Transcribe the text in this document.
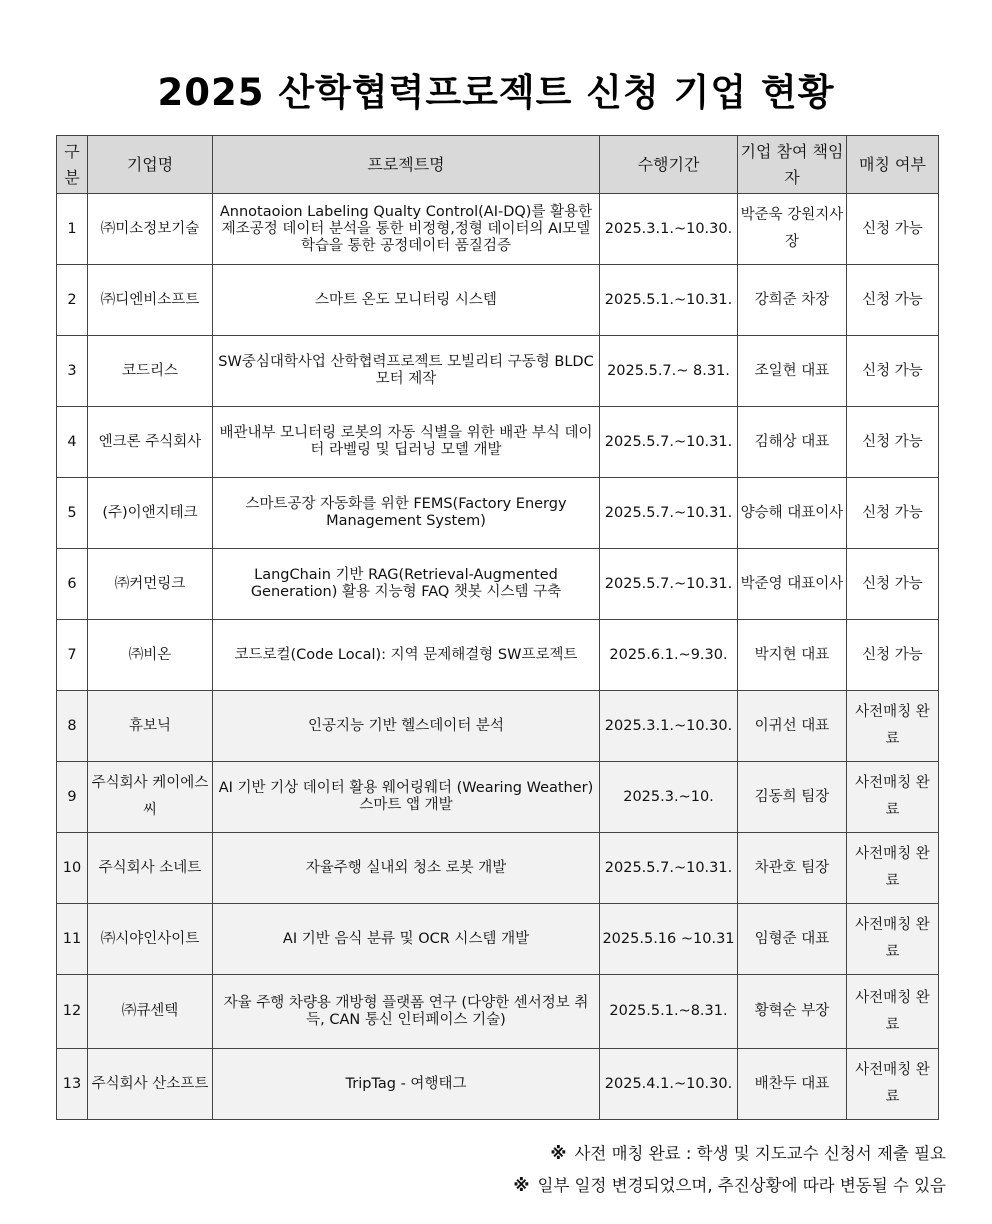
2025 산학협력프로젝트 신청 기업 현황
구분	기업명	프로젝트명	수행기간	기업 참여 책임자	매칭 여부
1	㈜미소정보기술	Annotaoion Labeling Qualty Control(AI-DQ)를 활용한 제조공정 데이터 분석을 통한 비정형,정형 데이터의 AI모델 학습을 통한 공정데이터 품질검증	2025.3.1.~10.30.	박준욱 강원지사장	신청 가능
2	㈜디엔비소프트	스마트 온도 모니터링 시스템	2025.5.1.~10.31.	강희준 차장	신청 가능
3	코드리스	SW중심대학사업 산학협력프로젝트 모빌리티 구동형 BLDC 모터 제작	2025.5.7.~ 8.31.	조일현 대표	신청 가능
4	엔크론 주식회사	배관내부 모니터링 로봇의 자동 식별을 위한 배관 부식 데이터 라벨링 및 딥러닝 모델 개발	2025.5.7.~10.31.	김해상 대표	신청 가능
5	(주)이앤지테크	스마트공장 자동화를 위한 FEMS(Factory Energy Management System)	2025.5.7.~10.31.	양승해 대표이사	신청 가능
6	㈜커먼링크	LangChain 기반 RAG(Retrieval-Augmented Generation) 활용 지능형 FAQ 챗봇 시스템 구축	2025.5.7.~10.31.	박준영 대표이사	신청 가능
7	㈜비온	코드로컬(Code Local): 지역 문제해결형 SW프로젝트	2025.6.1.~9.30.	박지현 대표	신청 가능
8	휴보닉	인공지능 기반 헬스데이터 분석	2025.3.1.~10.30.	이귀선 대표	사전매칭 완료
9	주식회사 케이에스씨	AI 기반 기상 데이터 활용 웨어링웨더 (Wearing Weather) 스마트 앱 개발	2025.3.~10.	김동희 팀장	사전매칭 완료
10	주식회사 소네트	자율주행 실내외 청소 로봇 개발	2025.5.7.~10.31.	차관호 팀장	사전매칭 완료
11	㈜시야인사이트	AI 기반 음식 분류 및 OCR 시스템 개발	2025.5.16 ~10.31	임형준 대표	사전매칭 완료
12	㈜큐센텍	자율 주행 차량용 개방형 플랫폼 연구 (다양한 센서정보 취득, CAN 통신 인터페이스 기술)	2025.5.1.~8.31.	황혁순 부장	사전매칭 완료
13	주식회사 산소프트	TripTag - 여행태그	2025.4.1.~10.30.	배찬두 대표	사전매칭 완료
※ 사전 매칭 완료 : 학생 및 지도교수 신청서 제출 필요
※ 일부 일정 변경되었으며, 추진상황에 따라 변동될 수 있음
